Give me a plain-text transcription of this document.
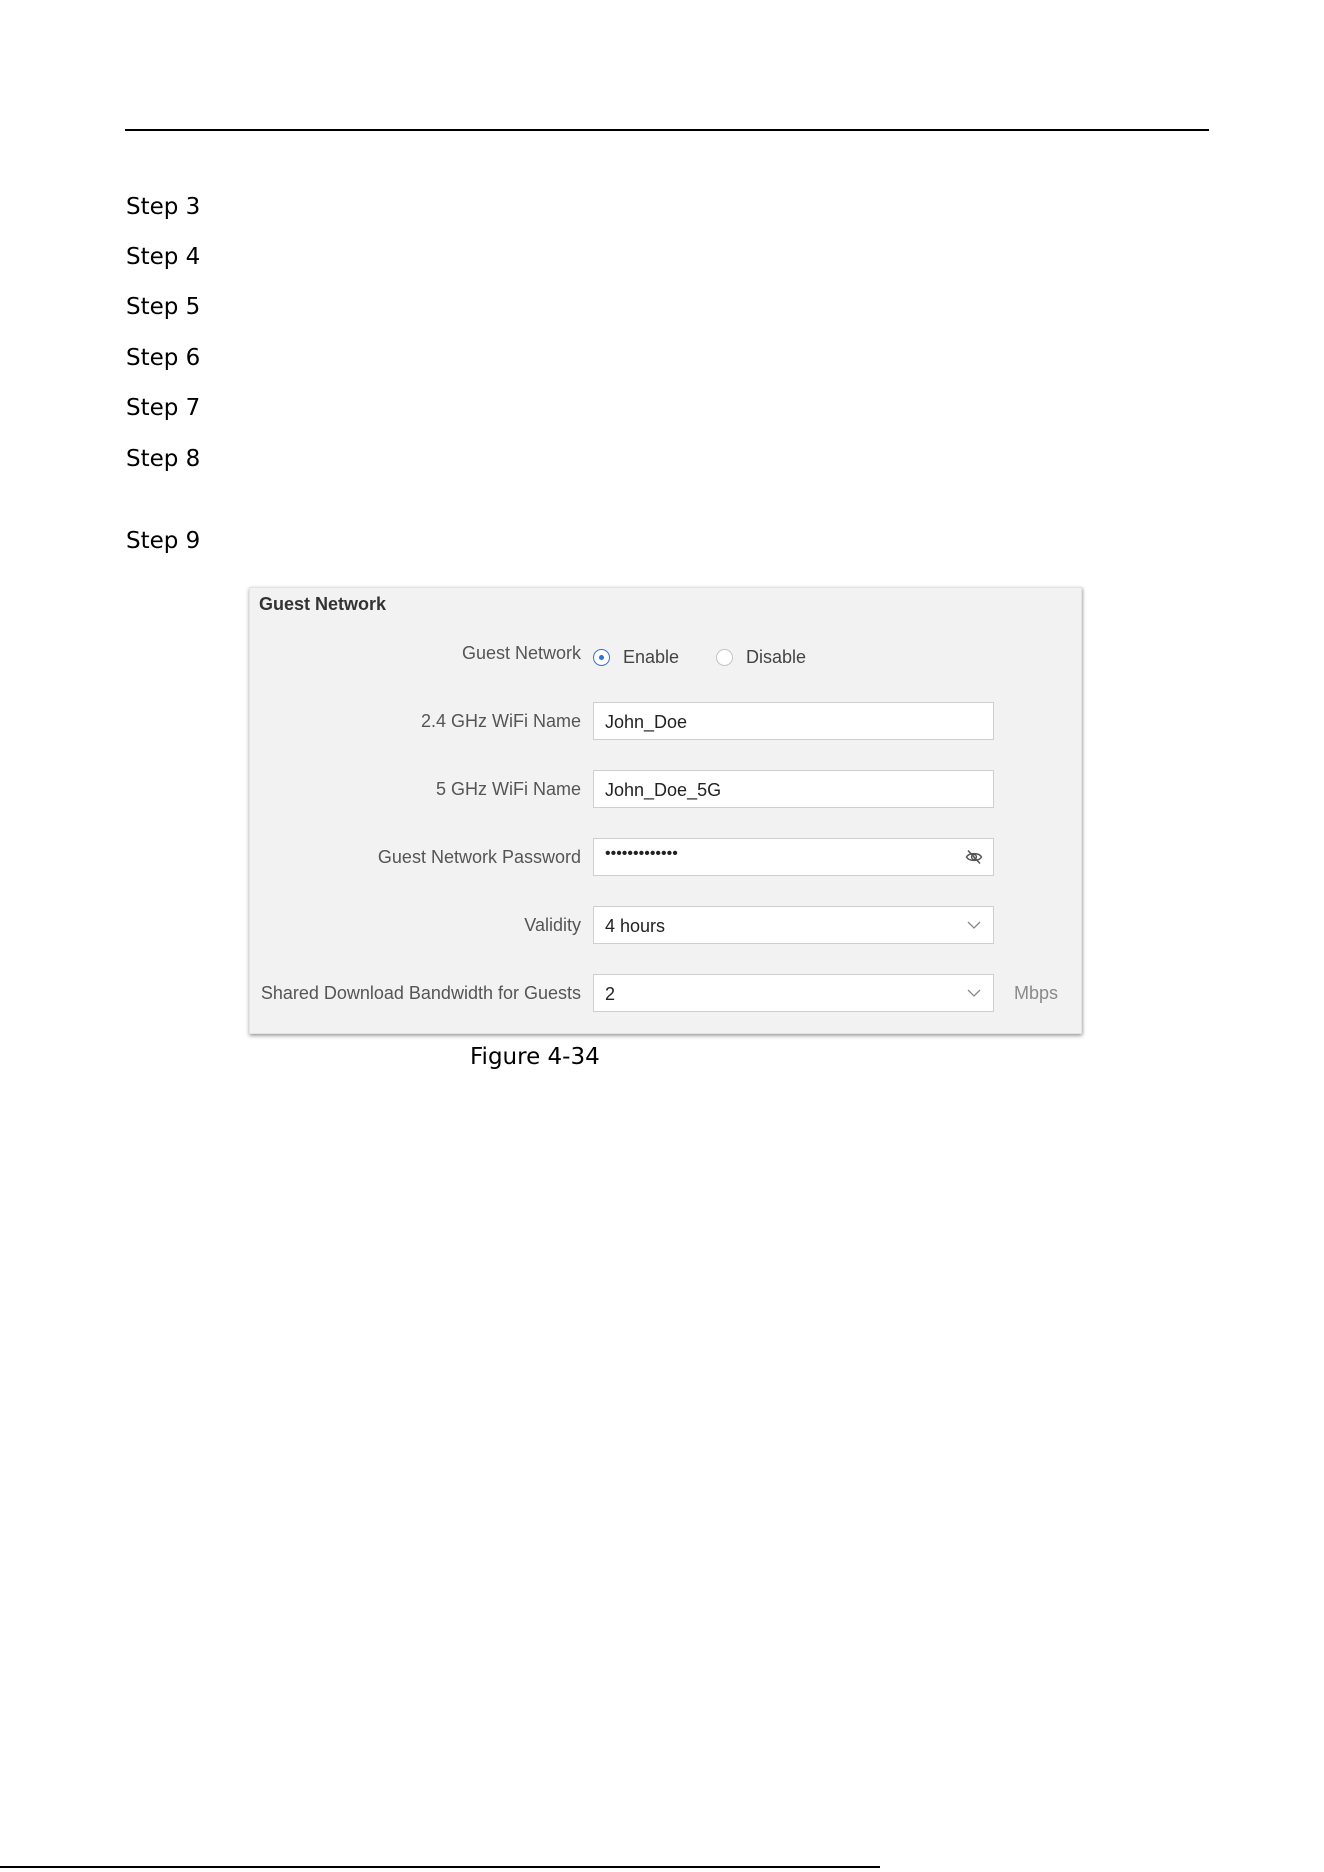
Step 3
Step 4
Step 5
Step 6
Step 7
Step 8
Step 9
Guest Network
Guest Network Enable	Disable
2.4 GHz WiFi Name John_Doe
5 GHz WiFi Name John_Doe_5G
Guest Network Password •••••••••••••
Validity 4 hours
Shared Download Bandwidth for Guests 2	Mbps
Figure 4-34
